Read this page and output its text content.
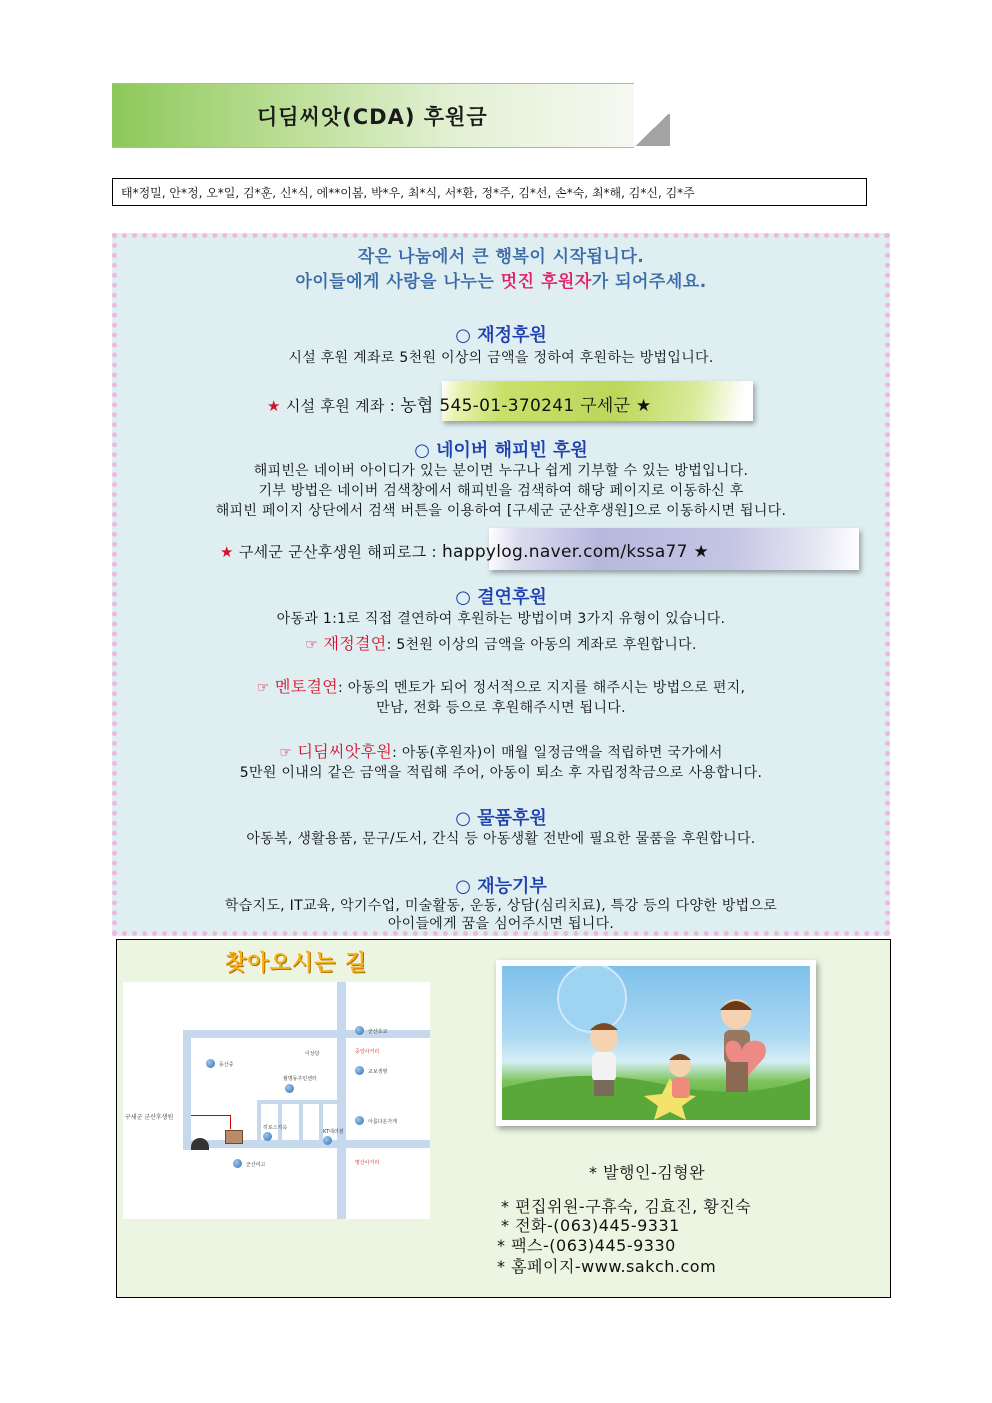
디딤씨앗(CDA) 후원금
태*정밀, 안*정, 오*일, 김*훈, 신*식, 에**이봄, 박*우, 최*식, 서*환, 정*주, 김*선, 손*숙, 최*해, 김*신, 김*주
작은 나눔에서 큰 행복이 시작됩니다.
아이들에게 사랑을 나누는 멋진 후원자가 되어주세요.
○ 재정후원
시설 후원 계좌로 5천원 이상의 금액을 정하여 후원하는 방법입니다.
★ 시설 후원 계좌 : 농협 545-01-370241 구세군 ★
○ 네이버 해피빈 후원
해피빈은 네이버 아이디가 있는 분이면 누구나 쉽게 기부할 수 있는 방법입니다.
기부 방법은 네이버 검색창에서 해피빈을 검색하여 해당 페이지로 이동하신 후
해피빈 페이지 상단에서 검색 버튼을 이용하여 [구세군 군산후생원]으로 이동하시면 됩니다.
★ 구세군 군산후생원 해피로그 : happylog.naver.com/kssa77 ★
○ 결연후원
아동과 1:1로 직접 결연하여 후원하는 방법이며 3가지 유형이 있습니다.
☞ 재정결연: 5천원 이상의 금액을 아동의 계좌로 후원합니다.
☞ 멘토결연: 아동의 멘토가 되어 정서적으로 지지를 해주시는 방법으로 편지,
만남, 전화 등으로 후원해주시면 됩니다.
☞ 디딤씨앗후원: 아동(후원자)이 매월 일정금액을 적립하면 국가에서
5만원 이내의 같은 금액을 적립해 주어, 아동이 퇴소 후 자립정착금으로 사용합니다.
○ 물품후원
아동복, 생활용품, 문구/도서, 간식 등 아동생활 전반에 필요한 물품을 후원합니다.
○ 재능기부
학습지도, IT교육, 악기수업, 미술활동, 운동, 상담(심리치료), 특강 등의 다양한 방법으로
아이들에게 꿈을 심어주시면 됩니다.
찾아오시는 길
군산초교
이상당	중앙사거리
동산중
교보생명
월명동주민센터
구세군 군산후생원
아름다운가게
히로스가옥
KT대리점
군산여고	명산사거리	* 발행인-김형완
* 편집위원-구휴숙, 김효진, 황진숙
* 전화-(063)445-9331
* 팩스-(063)445-9330
* 홈페이지-www.sakch.com
